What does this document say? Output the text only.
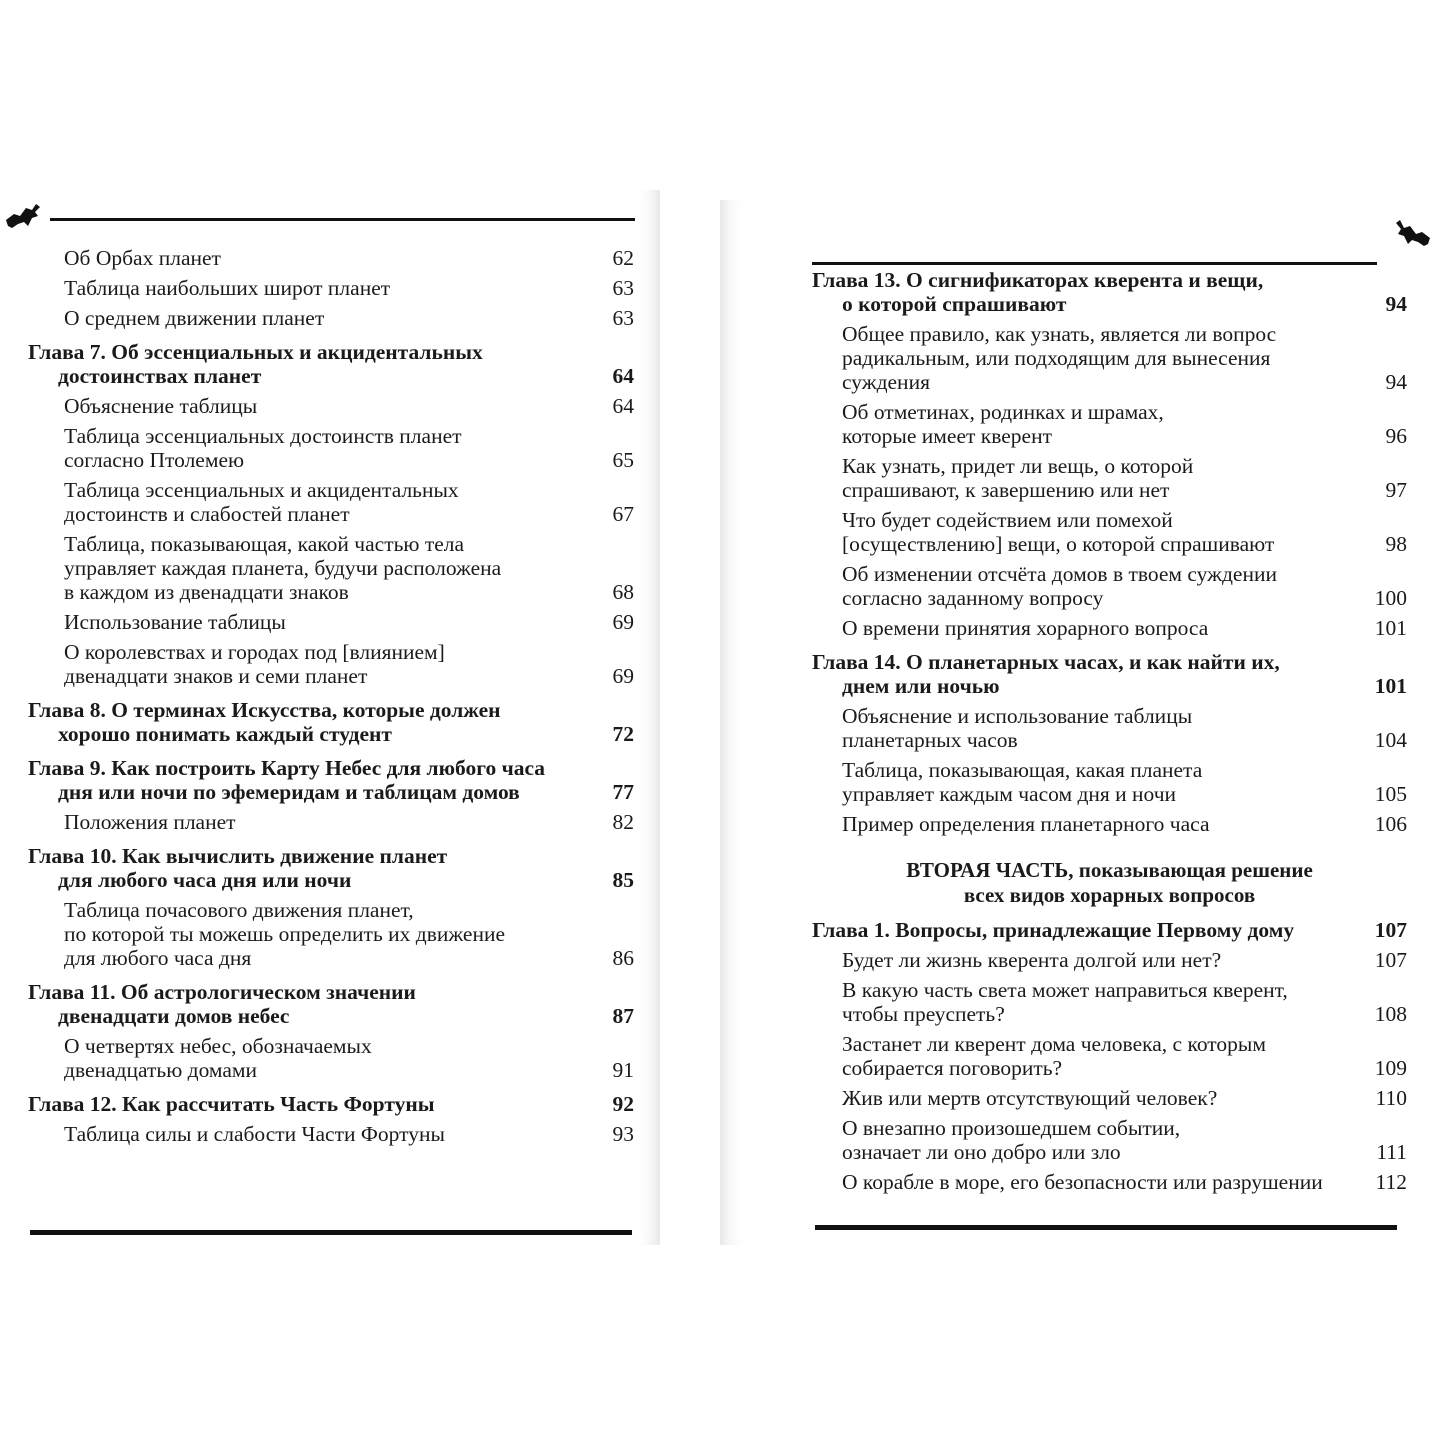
Об Орбах планет	62
Таблица наибольших широт планет	63
О среднем движении планет	63
Глава 7. Об эссенциальных и акцидентальных
достоинствах планет	64
Объяснение таблицы	64
Таблица эссенциальных достоинств планет
согласно Птолемею	65
Таблица эссенциальных и акцидентальных
достоинств и слабостей планет	67
Таблица, показывающая, какой частью тела
управляет каждая планета, будучи расположена
в каждом из двенадцати знаков	68
Использование таблицы	69
О королевствах и городах под [влиянием]
двенадцати знаков и семи планет	69
Глава 8. О терминах Искусства, которые должен
хорошо понимать каждый студент	72
Глава 9. Как построить Карту Небес для любого часа
дня или ночи по эфемеридам и таблицам домов	77
Положения планет	82
Глава 10. Как вычислить движение планет
для любого часа дня или ночи	85
Таблица почасового движения планет,
по которой ты можешь определить их движение
для любого часа дня	86
Глава 11. Об астрологическом значении
двенадцати домов небес	87
О четвертях небес, обозначаемых
двенадцатью домами	91
Глава 12. Как рассчитать Часть Фортуны	92
Таблица силы и слабости Части Фортуны	93
Глава 13. О сигнификаторах кверента и вещи,
о которой спрашивают	94
Общее правило, как узнать, является ли вопрос
радикальным, или подходящим для вынесения
суждения	94
Об отметинах, родинках и шрамах,
которые имеет кверент	96
Как узнать, придет ли вещь, о которой
спрашивают, к завершению или нет	97
Что будет содействием или помехой
[осуществлению] вещи, о которой спрашивают	98
Об изменении отсчёта домов в твоем суждении
согласно заданному вопросу	100
О времени принятия хорарного вопроса	101
Глава 14. О планетарных часах, и как найти их,
днем или ночью	101
Объяснение и использование таблицы
планетарных часов	104
Таблица, показывающая, какая планета
управляет каждым часом дня и ночи	105
Пример определения планетарного часа	106
ВТОРАЯ ЧАСТЬ, показывающая решение
всех видов хорарных вопросов
Глава 1. Вопросы, принадлежащие Первому дому	107
Будет ли жизнь кверента долгой или нет?	107
В какую часть света может направиться кверент,
чтобы преуспеть?	108
Застанет ли кверент дома человека, с которым
собирается поговорить?	109
Жив или мертв отсутствующий человек?	110
О внезапно произошедшем событии,
означает ли оно добро или зло	111
О корабле в море, его безопасности или разрушении 112
